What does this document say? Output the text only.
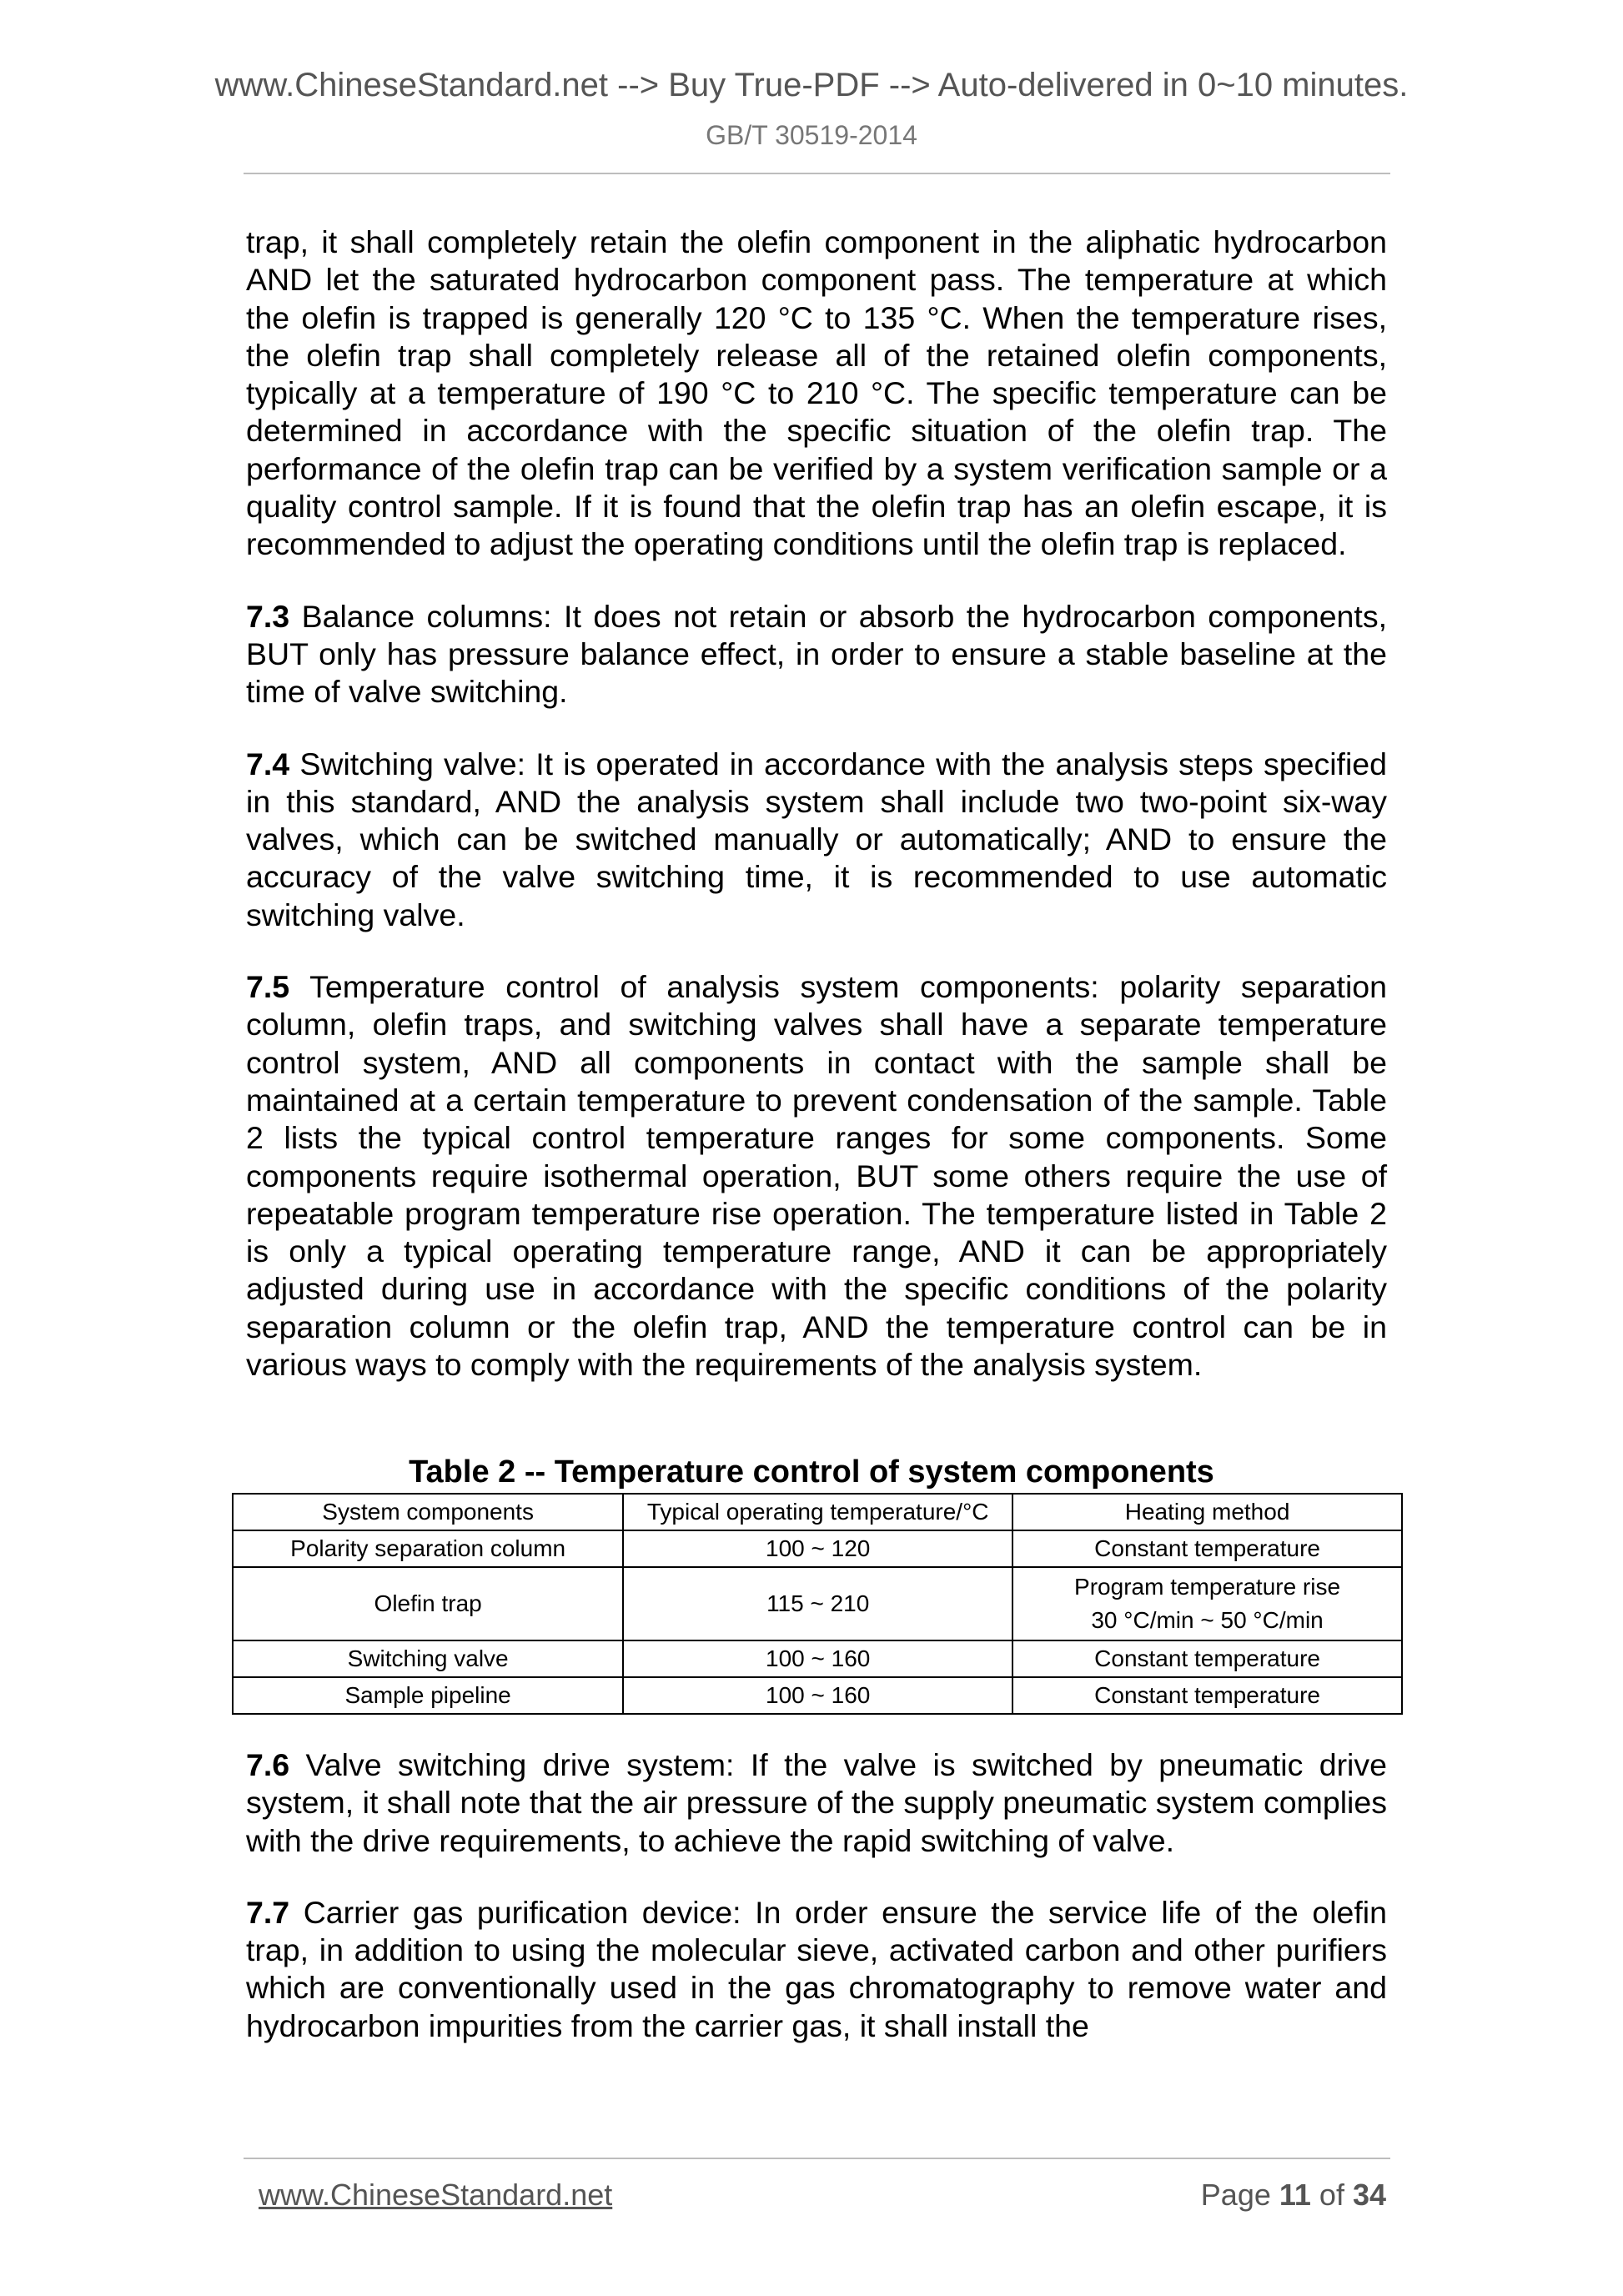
www.ChineseStandard.net --> Buy True-PDF --> Auto-delivered in 0~10 minutes.
GB/T 30519-2014

trap, it shall completely retain the olefin component in the aliphatic hydrocarbon AND let the saturated hydrocarbon component pass. The temperature at which the olefin is trapped is generally 120 °C to 135 °C. When the temperature rises, the olefin trap shall completely release all of the retained olefin components, typically at a temperature of 190 °C to 210 °C. The specific temperature can be determined in accordance with the specific situation of the olefin trap. The performance of the olefin trap can be verified by a system verification sample or a quality control sample. If it is found that the olefin trap has an olefin escape, it is recommended to adjust the operating conditions until the olefin trap is replaced.

7.3 Balance columns: It does not retain or absorb the hydrocarbon components, BUT only has pressure balance effect, in order to ensure a stable baseline at the time of valve switching.

7.4 Switching valve: It is operated in accordance with the analysis steps specified in this standard, AND the analysis system shall include two two-point six-way valves, which can be switched manually or automatically; AND to ensure the accuracy of the valve switching time, it is recommended to use automatic switching valve.

7.5 Temperature control of analysis system components: polarity separation column, olefin traps, and switching valves shall have a separate temperature control system, AND all components in contact with the sample shall be maintained at a certain temperature to prevent condensation of the sample. Table 2 lists the typical control temperature ranges for some components. Some components require isothermal operation, BUT some others require the use of repeatable program temperature rise operation. The temperature listed in Table 2 is only a typical operating temperature range, AND it can be appropriately adjusted during use in accordance with the specific conditions of the polarity separation column or the olefin trap, AND the temperature control can be in various ways to comply with the requirements of the analysis system.

Table 2 -- Temperature control of system components
System components	Typical operating temperature/°C	Heating method
Polarity separation column	100 ~ 120	Constant temperature
Olefin trap	115 ~ 210	Program temperature rise
30 °C/min ~ 50 °C/min

Switching valve	100 ~ 160	Constant temperature
Sample pipeline	100 ~ 160	Constant temperature

7.6 Valve switching drive system: If the valve is switched by pneumatic drive system, it shall note that the air pressure of the supply pneumatic system complies with the drive requirements, to achieve the rapid switching of valve.

7.7 Carrier gas purification device: In order ensure the service life of the olefin trap, in addition to using the molecular sieve, activated carbon and other purifiers which are conventionally used in the gas chromatography to remove water and hydrocarbon impurities from the carrier gas, it shall install the

www.ChineseStandard.net	Page 11 of 34
